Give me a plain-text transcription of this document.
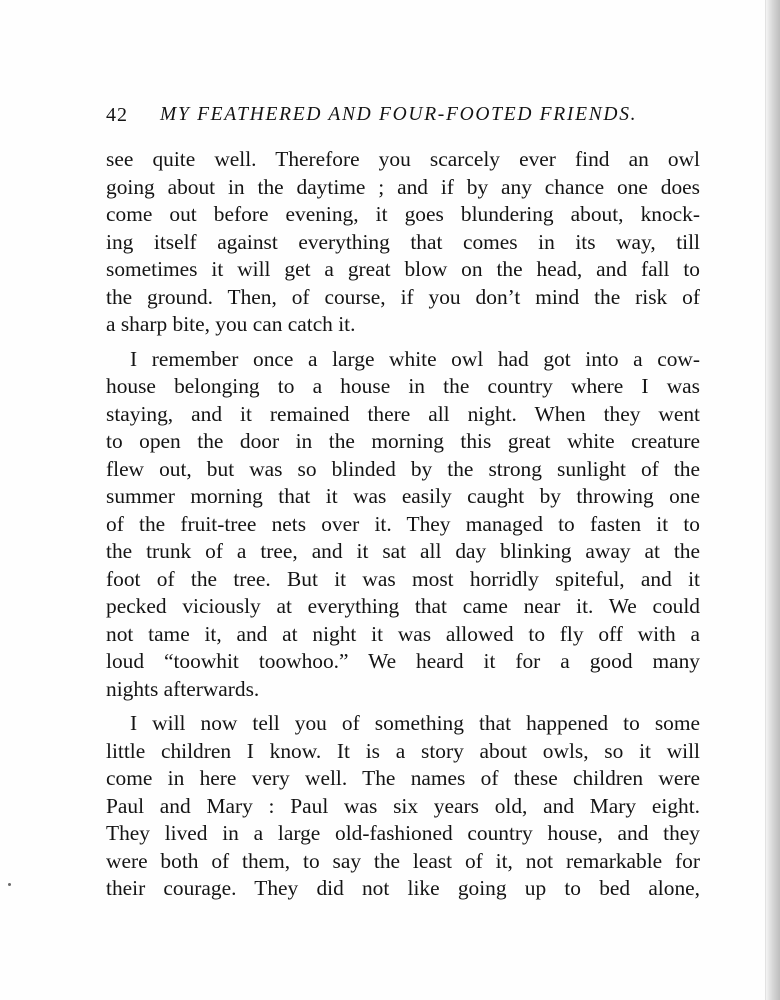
42 MY FEATHERED AND FOUR-FOOTED FRIENDS.
see quite well. Therefore you scarcely ever find an owl
going about in the daytime ; and if by any chance one does
come out before evening, it goes blundering about, knock-
ing itself against everything that comes in its way, till
sometimes it will get a great blow on the head, and fall to
the ground. Then, of course, if you don’t mind the risk of
a sharp bite, you can catch it.
I remember once a large white owl had got into a cow-
house belonging to a house in the country where I was
staying, and it remained there all night. When they went
to open the door in the morning this great white creature
flew out, but was so blinded by the strong sunlight of the
summer morning that it was easily caught by throwing one
of the fruit-tree nets over it. They managed to fasten it to
the trunk of a tree, and it sat all day blinking away at the
foot of the tree. But it was most horridly spiteful, and it
pecked viciously at everything that came near it. We could
not tame it, and at night it was allowed to fly off with a
loud “toowhit toowhoo.” We heard it for a good many
nights afterwards.
I will now tell you of something that happened to some
little children I know. It is a story about owls, so it will
come in here very well. The names of these children were
Paul and Mary : Paul was six years old, and Mary eight.
They lived in a large old-fashioned country house, and they
were both of them, to say the least of it, not remarkable for
their courage. They did not like going up to bed alone,
